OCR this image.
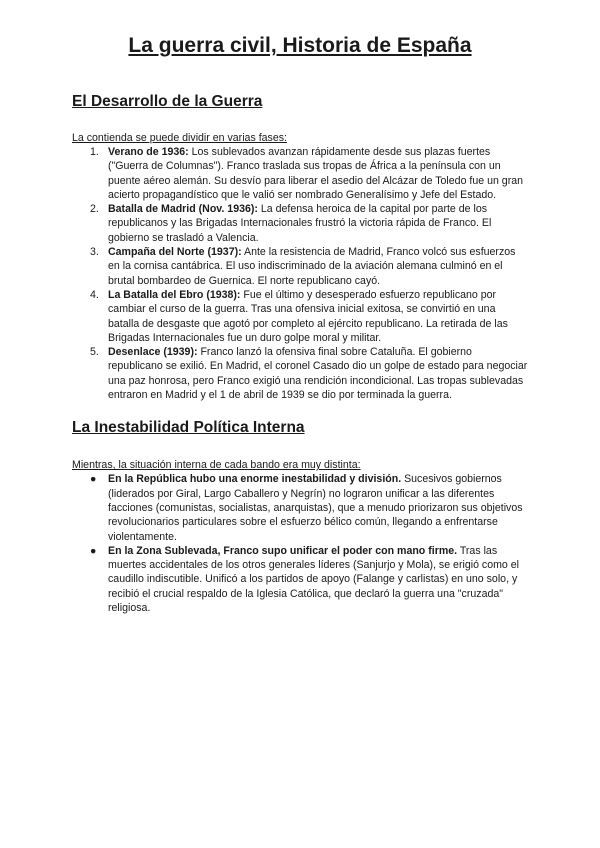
La guerra civil, Historia de España
El Desarrollo de la Guerra

La contienda se puede dividir en varias fases:

1. Verano de 1936: Los sublevados avanzan rápidamente desde sus plazas fuertes ("Guerra de Columnas"). Franco traslada sus tropas de África a la península con un puente aéreo alemán. Su desvío para liberar el asedio del Alcázar de Toledo fue un gran acierto propagandístico que le valió ser nombrado Generalísimo y Jefe del Estado.
2. Batalla de Madrid (Nov. 1936): La defensa heroica de la capital por parte de los republicanos y las Brigadas Internacionales frustró la victoria rápida de Franco. El gobierno se trasladó a Valencia.
3. Campaña del Norte (1937): Ante la resistencia de Madrid, Franco volcó sus esfuerzos en la cornisa cantábrica. El uso indiscriminado de la aviación alemana culminó en el brutal bombardeo de Guernica. El norte republicano cayó.
4. La Batalla del Ebro (1938): Fue el último y desesperado esfuerzo republicano por cambiar el curso de la guerra. Tras una ofensiva inicial exitosa, se convirtió en una batalla de desgaste que agotó por completo al ejército republicano. La retirada de las Brigadas Internacionales fue un duro golpe moral y militar.
5. Desenlace (1939): Franco lanzó la ofensiva final sobre Cataluña. El gobierno republicano se exilió. En Madrid, el coronel Casado dio un golpe de estado para negociar una paz honrosa, pero Franco exigió una rendición incondicional. Las tropas sublevadas entraron en Madrid y el 1 de abril de 1939 se dio por terminada la guerra.
La Inestabilidad Política Interna

Mientras, la situación interna de cada bando era muy distinta:

● En la República hubo una enorme inestabilidad y división. Sucesivos gobiernos (liderados por Giral, Largo Caballero y Negrín) no lograron unificar a las diferentes facciones (comunistas, socialistas, anarquistas), que a menudo priorizaron sus objetivos revolucionarios particulares sobre el esfuerzo bélico común, llegando a enfrentarse violentamente.
● En la Zona Sublevada, Franco supo unificar el poder con mano firme. Tras las muertes accidentales de los otros generales líderes (Sanjurjo y Mola), se erigió como el caudillo indiscutible. Unificó a los partidos de apoyo (Falange y carlistas) en uno solo, y recibió el crucial respaldo de la Iglesia Católica, que declaró la guerra una "cruzada" religiosa.
